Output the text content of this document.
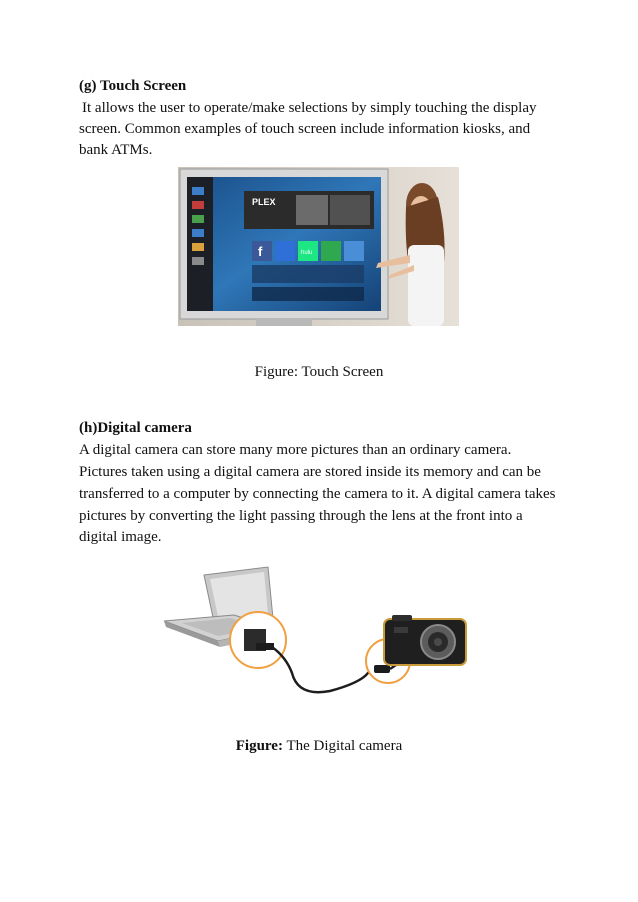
(g) Touch Screen
It allows the user to operate/make selections by simply touching the display
screen. Common examples of touch screen include information kiosks, and
bank ATMs.
PLEX
f	hulu
Figure: Touch Screen
(h)Digital camera
A digital camera can store many more pictures than an ordinary camera.
Pictures taken using a digital camera are stored inside its memory and can be
transferred to a computer by connecting the camera to it. A digital camera takes
pictures by converting the light passing through the lens at the front into a
digital image.
Figure: The Digital camera
